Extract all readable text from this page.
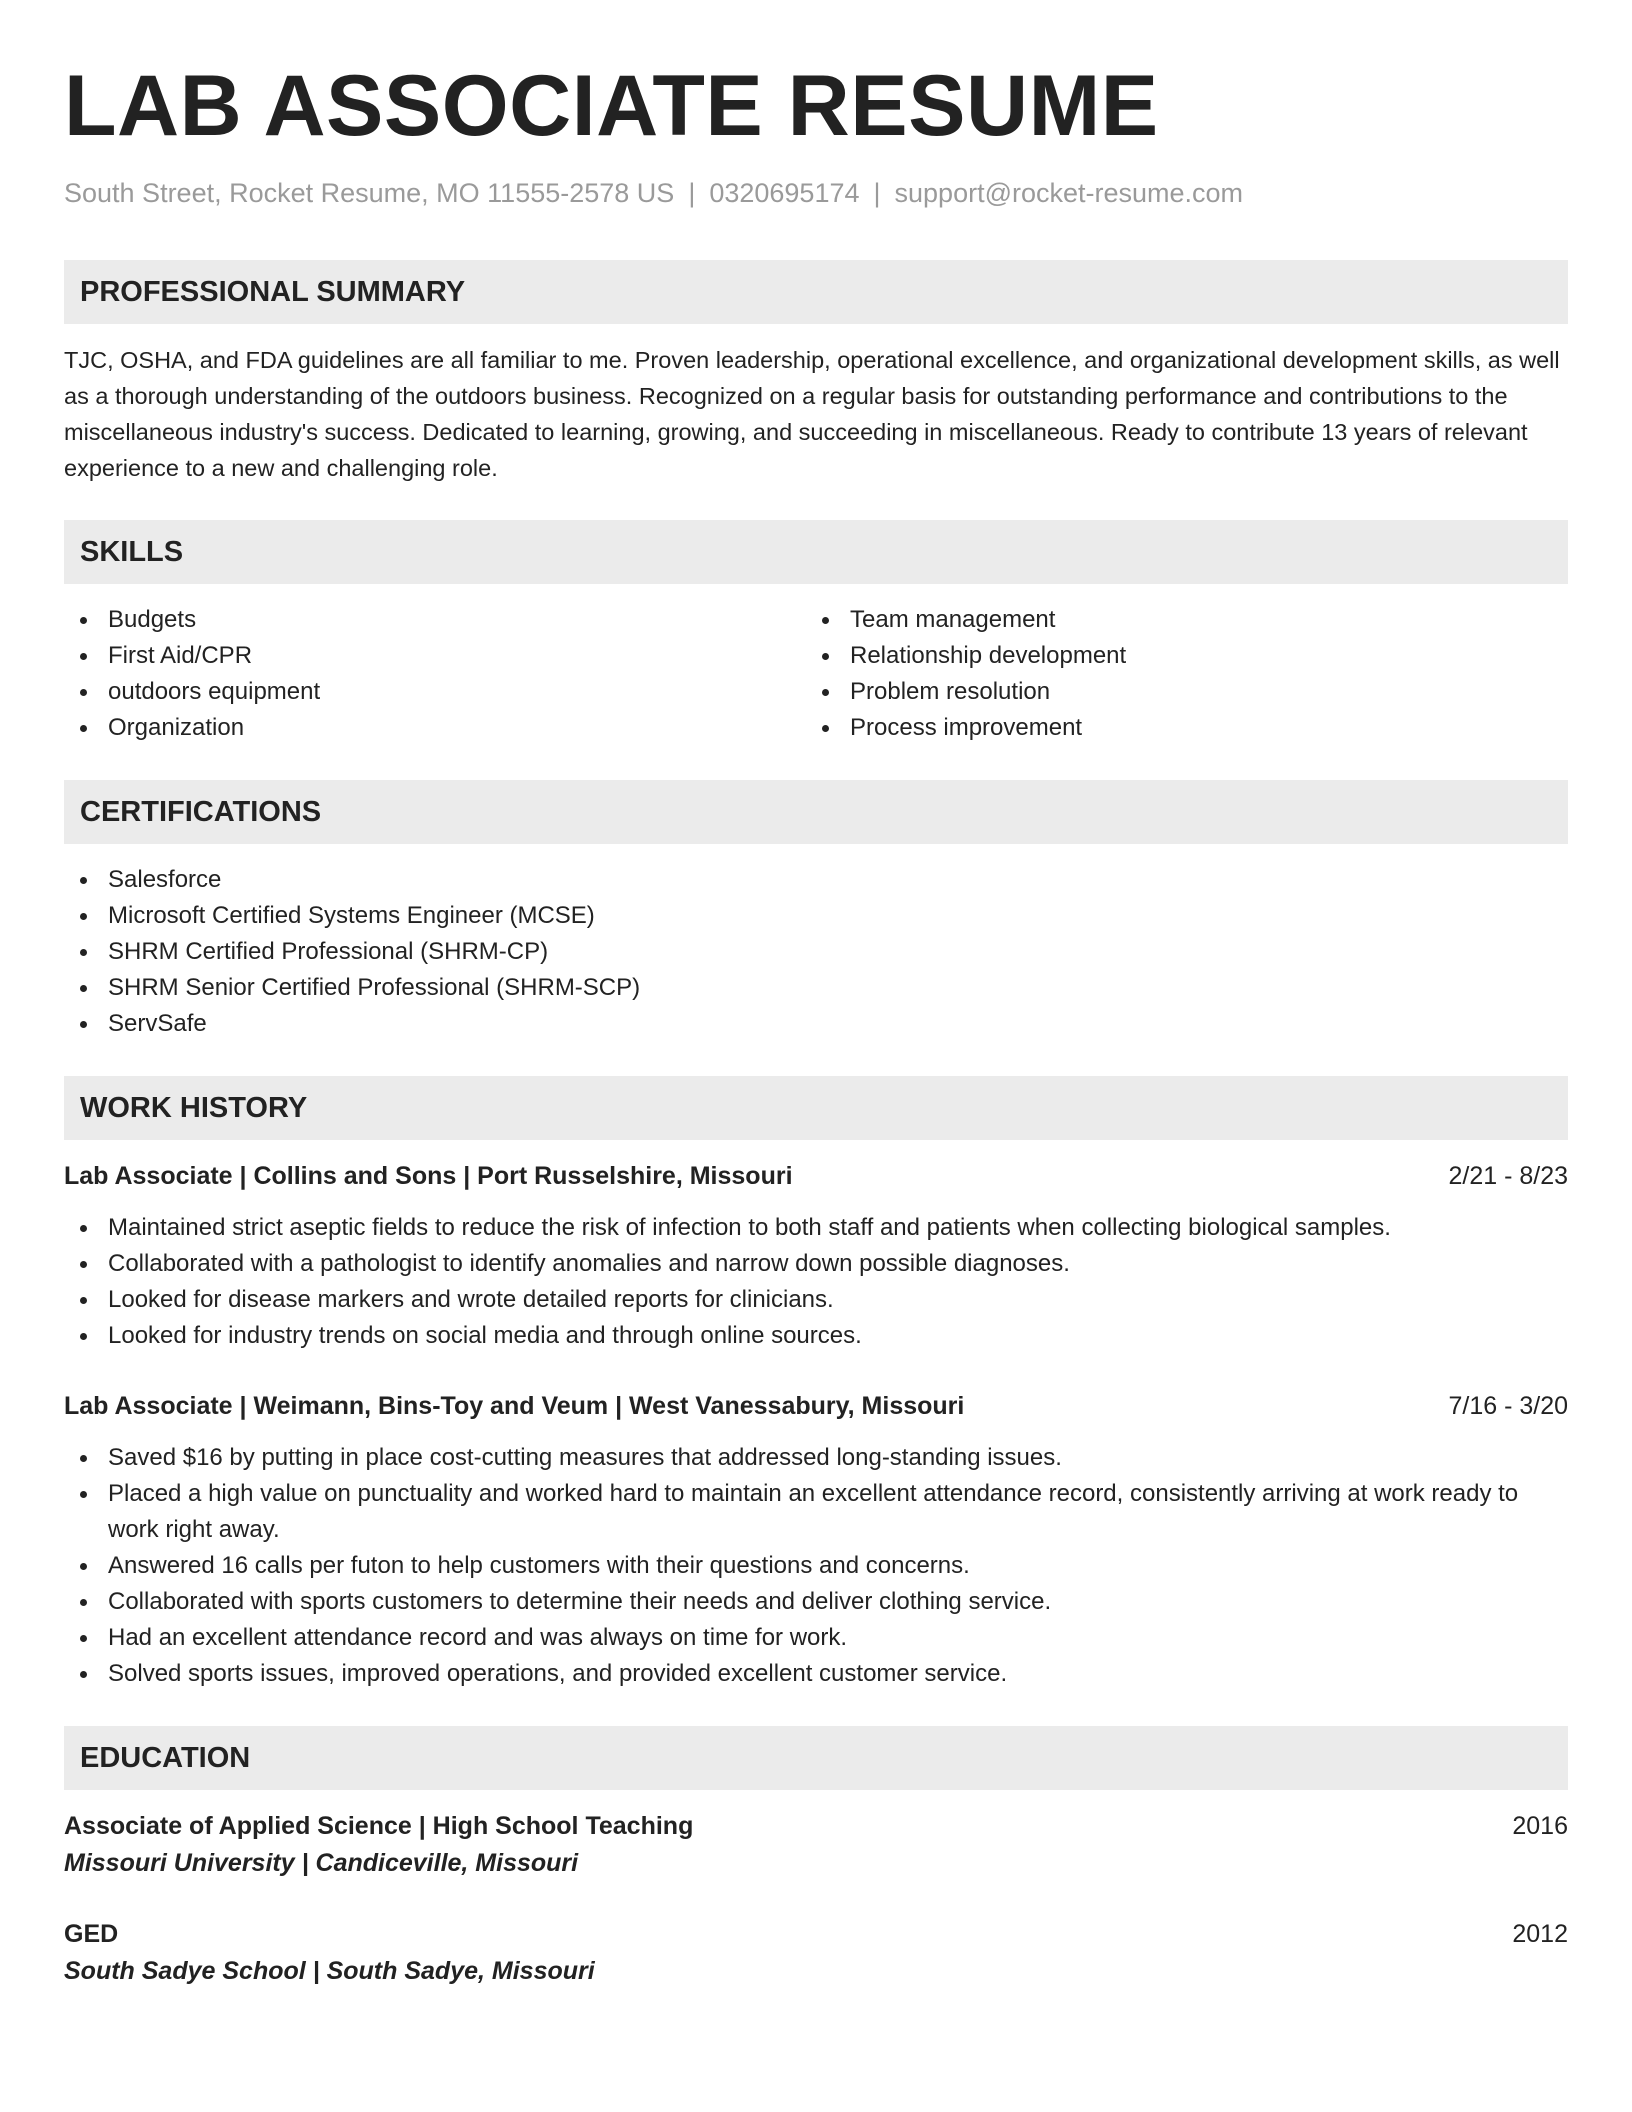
LAB ASSOCIATE RESUME
South Street, Rocket Resume, MO 11555-2578 US | 0320695174 | support@rocket-resume.com
PROFESSIONAL SUMMARY
TJC, OSHA, and FDA guidelines are all familiar to me. Proven leadership, operational excellence, and organizational development skills, as well as a thorough understanding of the outdoors business. Recognized on a regular basis for outstanding performance and contributions to the miscellaneous industry's success. Dedicated to learning, growing, and succeeding in miscellaneous. Ready to contribute 13 years of relevant experience to a new and challenging role.
SKILLS
Budgets
First Aid/CPR
outdoors equipment
Organization
Team management
Relationship development
Problem resolution
Process improvement
CERTIFICATIONS
Salesforce
Microsoft Certified Systems Engineer (MCSE)
SHRM Certified Professional (SHRM-CP)
SHRM Senior Certified Professional (SHRM-SCP)
ServSafe
WORK HISTORY
Lab Associate | Collins and Sons | Port Russelshire, Missouri	2/21 - 8/23
Maintained strict aseptic fields to reduce the risk of infection to both staff and patients when collecting biological samples.
Collaborated with a pathologist to identify anomalies and narrow down possible diagnoses.
Looked for disease markers and wrote detailed reports for clinicians.
Looked for industry trends on social media and through online sources.
Lab Associate | Weimann, Bins-Toy and Veum | West Vanessabury, Missouri	7/16 - 3/20
Saved $16 by putting in place cost-cutting measures that addressed long-standing issues.
Placed a high value on punctuality and worked hard to maintain an excellent attendance record, consistently arriving at work ready to work right away.
Answered 16 calls per futon to help customers with their questions and concerns.
Collaborated with sports customers to determine their needs and deliver clothing service.
Had an excellent attendance record and was always on time for work.
Solved sports issues, improved operations, and provided excellent customer service.
EDUCATION
Associate of Applied Science | High School Teaching	2016
Missouri University | Candiceville, Missouri
GED	2012
South Sadye School | South Sadye, Missouri
